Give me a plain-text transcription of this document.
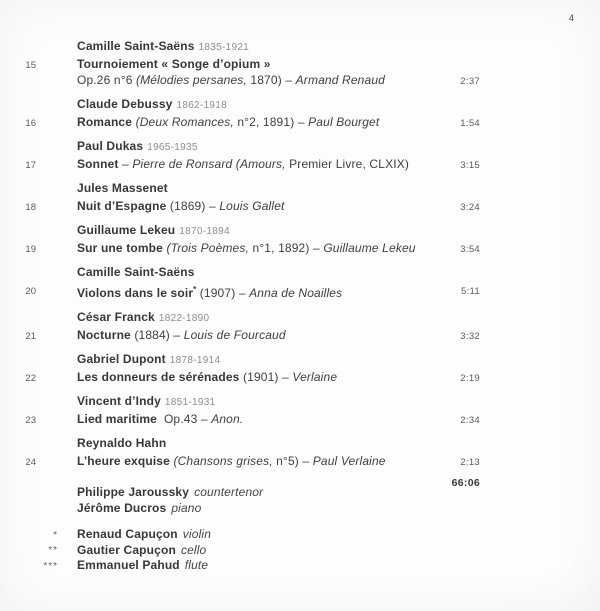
4
Camille Saint-Saëns 1835-1921
15	Tournoiement « Songe d’opium »
Op.26 n°6 (Mélodies persanes, 1870) – Armand Renaud	2:37
Claude Debussy 1862-1918
16	Romance (Deux Romances, n°2, 1891) – Paul Bourget	1:54
Paul Dukas 1965-1935
17	Sonnet – Pierre de Ronsard (Amours, Premier Livre, CLXIX)	3:15
Jules Massenet
18	Nuit d’Espagne (1869) – Louis Gallet	3:24
Guillaume Lekeu 1870-1894
19	Sur une tombe (Trois Poèmes, n°1, 1892) – Guillaume Lekeu	3:54
Camille Saint-Saëns
20	Violons dans le soir* (1907) – Anna de Noailles	5:11
César Franck 1822-1890
21	Nocturne (1884) – Louis de Fourcaud	3:32
Gabriel Dupont 1878-1914
22	Les donneurs de sérénades (1901) – Verlaine	2:19
Vincent d’Indy 1851-1931
23	Lied maritime  Op.43 – Anon.	2:34
Reynaldo Hahn
24	L’heure exquise (Chansons grises, n°5) – Paul Verlaine	2:13
66:06
Philippe Jaroussky countertenor
Jérôme Ducros piano
* Renaud Capuçon violin
** Gautier Capuçon cello
*** Emmanuel Pahud flute
